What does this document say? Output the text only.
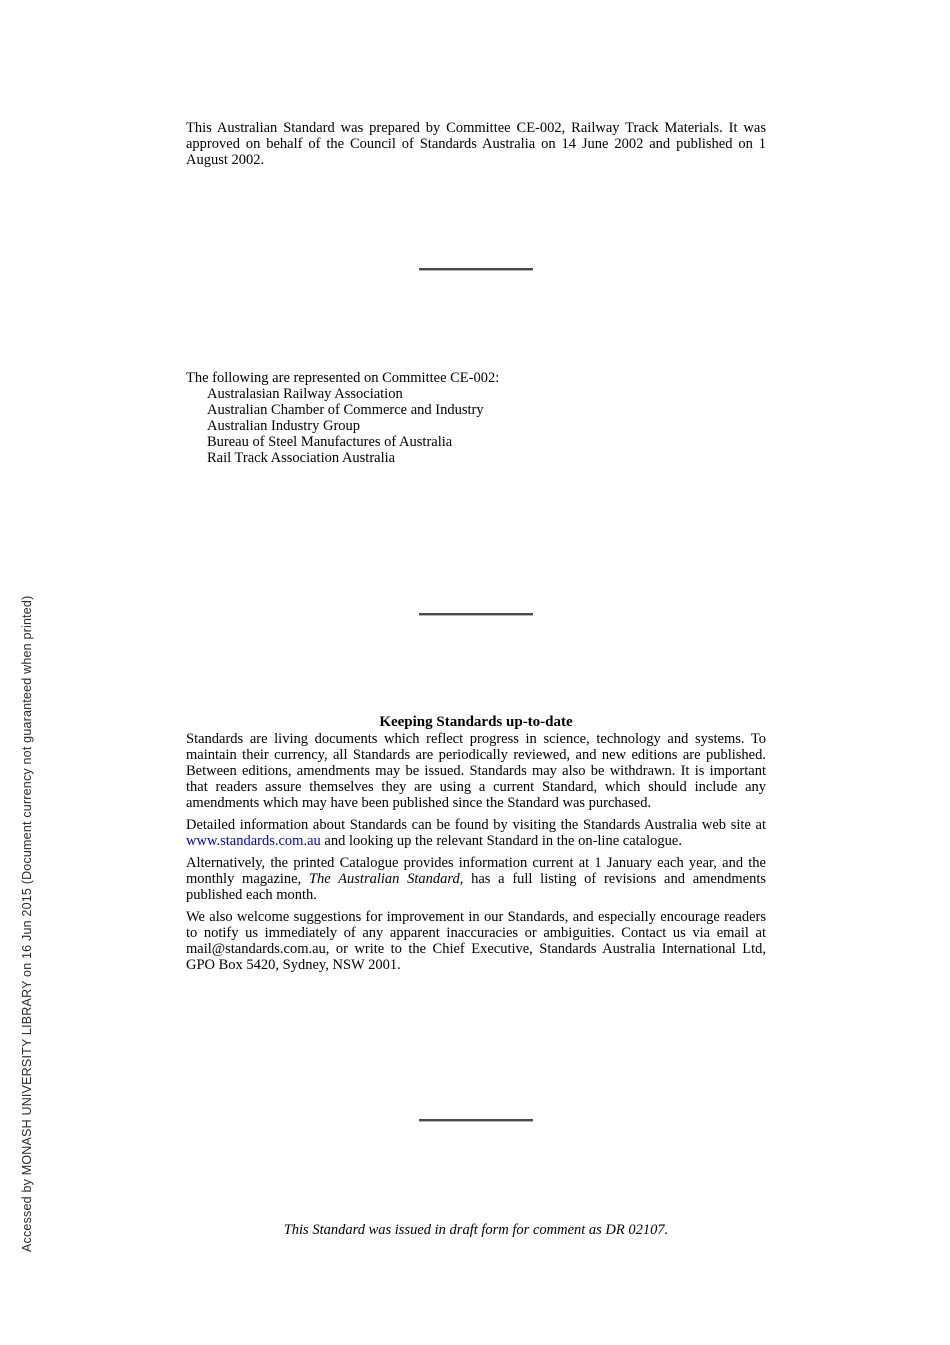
Accessed by MONASH UNIVERSITY LIBRARY on 16 Jun 2015 (Document currency not guaranteed when printed)

This Australian Standard was prepared by Committee CE-002, Railway Track Materials. It was approved on behalf of the Council of Standards Australia on 14 June 2002 and published on 1 August 2002.

The following are represented on Committee CE-002:

Australasian Railway Association

Australian Chamber of Commerce and Industry

Australian Industry Group

Bureau of Steel Manufactures of Australia

Rail Track Association Australia

Keeping Standards up-to-date

Standards are living documents which reflect progress in science, technology and systems. To maintain their currency, all Standards are periodically reviewed, and new editions are published. Between editions, amendments may be issued. Standards may also be withdrawn. It is important that readers assure themselves they are using a current Standard, which should include any amendments which may have been published since the Standard was purchased.

Detailed information about Standards can be found by visiting the Standards Australia web site at www.standards.com.au and looking up the relevant Standard in the on-line catalogue.

Alternatively, the printed Catalogue provides information current at 1 January each year, and the monthly magazine, The Australian Standard, has a full listing of revisions and amendments published each month.

We also welcome suggestions for improvement in our Standards, and especially encourage readers to notify us immediately of any apparent inaccuracies or ambiguities. Contact us via email at mail@standards.com.au, or write to the Chief Executive, Standards Australia International Ltd, GPO Box 5420, Sydney, NSW 2001.

This Standard was issued in draft form for comment as DR 02107.
